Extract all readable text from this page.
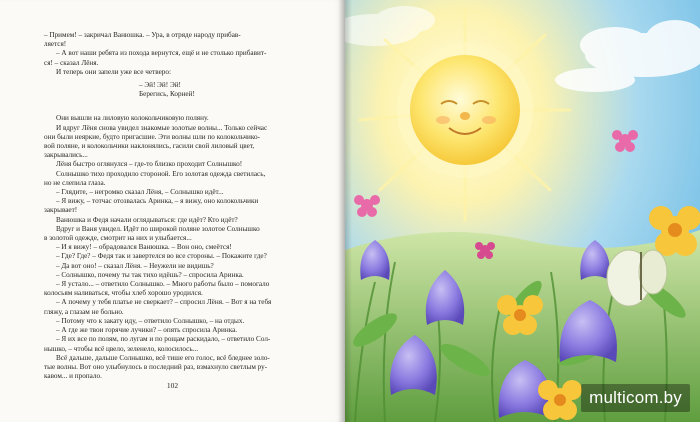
– Примем! – закричал Ванюшка. – Ура, в отряде народу прибав-

ляется!

– А вот наши ребята из похода вернутся, ещё и не столько прибавит-

ся! – сказал Лёня.

И теперь они запели уже все четверо:

– Эй! Эй! Эй!

Берегись, Корней!

Они вышли на лиловую колокольчиковую поляну.

И вдруг Лёня снова увидел знакомые золотые волны... Только сейчас

они были неяркие, будто пригасшие. Эти волны шли по колокольчико-

вой поляне, и колокольчики наклонялись, гасили свой лиловый цвет,

закрывались...

Лёня быстро оглянулся – где-то близко проходит Солнышко!

Солнышко тихо проходило стороной. Его золотая одежда светилась,

но не слепила глаза.

– Глядите, – негромко сказал Лёня, – Солнышко идёт...

– Я вижу, – тотчас отозвалась Аринка, – я вижу, оно колокольчики

закрывает!

Ванюшка и Федя начали оглядываться: где идёт? Кто идёт?

Вдруг и Ваня увидел. Идёт по широкой поляне золотое Солнышко

в золотой одежде, смотрит на них и улыбается...

– И я вижу! – обрадовался Ванюшка. – Вон оно, смеётся!

– Где? Где? – Федя так и завертелся во все стороны. – Покажите где?

– Да вот оно! – сказал Лёня. – Неужели не видишь?

– Солнышко, почему ты так тихо идёшь? – спросила Аринка.

– Я устало... – ответило Солнышко. – Много работы было – помогало

колосьям наливаться, чтобы хлеб хорошо уродился.

– А почему у тебя платье не сверкает? – спросил Лёня. – Вот я на тебя

гляжу, а глазам не больно.

– Потому что к закату иду, – ответило Солнышко, – на отдых.

– А где же твои горячие лучики? – опять спросила Аринка.

– Я их все по полям, по лугам и по рощам раскидало, – ответило Сол-

нышко, – чтобы всё цвело, зеленело, колосилось...

Всё дальше, дальше Солнышко, всё тише его голос, всё бледнее золо-

тые волны. Вот оно улыбнулось в последний раз, взмахнуло светлым ру-

кавом... и пропало.

102
multicom.by
